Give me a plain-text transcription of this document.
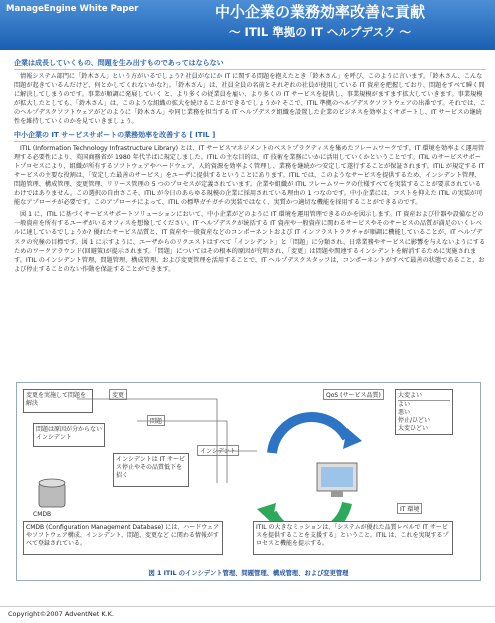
ManageEngine White Paper	中小企業の業務効率改善に貢献
～ ITIL 準拠の IT ヘルプデスク ～
企業は成長していくもの、問題を生み出すものであってはならない
情報システム部門に「鈴木さん」という方がいるでしょう? 社員がなにか IT に関する問題を抱えたとき「鈴木さん」を呼び、このように言います。「鈴木さん、こんな問題が起きているんだけど、何とかしてくれないかな?」。「鈴木さん」は、社員全員の名前とそれぞれの社員が使用している IT 資産を把握しており、問題をすべて瞬く間に解決してしまうのです。事業が順調に発展していく と、より多くの従業員を雇い、より多くの IT サービスを提供し、事業規模がますます拡大していきます。事業規模が拡大したとしても、「鈴木さん」は、このような組織の拡大を続けることができるでしょうか? そこで、ITIL 準拠のヘルプデスクソフトウェアの出番です。それでは、このヘルプデスクソフトウェアがどのように「鈴木さん」や同じ業務を担当する IT ヘルプデスク組織を設置した企業のビジネスを効率よくサポートし、IT サービスの継続性を維持していくのかを見ていきましょう。
中小企業の IT サービスサポートの業務効率を改善する [ ITIL ]
ITIL (Information Technology Infrastructure Library) とは、IT サービスマネジメントのベストプラクティスを集めたフレームワークです。IT 環境を効率よく運用管理する必要性により、英国商務省が 1980 年代半ばに規定しました。ITIL の主な目的は、IT 技術を業務にいかに活用していくかということです。ITIL のサービスサポートプロセスにより、組織が所有するソフトウェアやハードウェア、人的資源を効率よく管理し、業務を継続かつ安定して遂行することが保証されます。ITIL が規定する IT サービスの主要な役割は、「安定した最善のサービス」をユーザに提供するということにあります。ITIL では、このようなサービスを提供するため、インシデント管理、問題管理、構成管理、変更管理、リリース管理の 5 つのプロセスが定義されています。企業や組織が ITIL フレームワークの仕様すべてを実装することが要求されているわけではありません。この選択の自由さこそ、ITIL が今日のあらゆる規模の企業に採用されている理由の 1 つなのです。中小企業には、コストを抑えた ITIL の実装が可能なアプローチが必要です。このアプローチによって、ITIL の標準ガチガチの実装ではなく、実質かつ適切な機能を採用することができるのです。
図 1 に、ITIL に基づくサービスサポートソリューションにおいて、中小企業がどのように IT 環境を運用管理できるのかを図示します。IT 資産および什器や設備などの一般資産を所有するユーザがいるオフィスを想像してください。IT ヘルプデスクが統括する IT 資産や一般資産に関わるサービスやそのサービスの品質が満足のいくレベルに達しているでしょうか? 優れたサービス品質と、IT 資産や一般資産などのコンポーネントおよび IT インフラストラクチャが順調に機能していることが、IT ヘルプデスクの究極の目標です。図 1 に示すように、ユーザからのリクエストはすべて「インシデント」と「問題」に分類され、日常業務やサービスに影響を与えないようにするためのワークアラウンド(回避策)が提示されます。「問題」についてはその根本的原因が究明され、「変更」は問題や関連するインシデントを解消するために実施されます。ITIL のインシデント管理、問題管理、構成管理、および変更管理を活用することで、IT ヘルプデスクスタッフは、コンポーネントがすべて最善の状態であること、および停止することのない作動を保証することができます。
変更を実施して問題を解決
変更
問題は原因が分からないインシデント
問題
インシデントは IT サービス停止やその品質低下を招く
インシデント
QoS (サービス品質)	大変よい
よい
悪い
停止/ひどい
大変ひどい
IT 環境
CMDB
CMDB (Configuration Management Database) には、ハードウェアやソフトウェア構成、インシデント、問題、変更など に関わる情報がすべて登録されている。
ITIL の大きなミッションは、「システムが優れた品質レベルで IT サービスを提供することを支援する」ということ。ITIL は、これを実現するプロセスと機能を提示する。
図 1 ITIL のインシデント管理、問題管理、構成管理、および変更管理
Copyright©2007 AdventNet K.K.
